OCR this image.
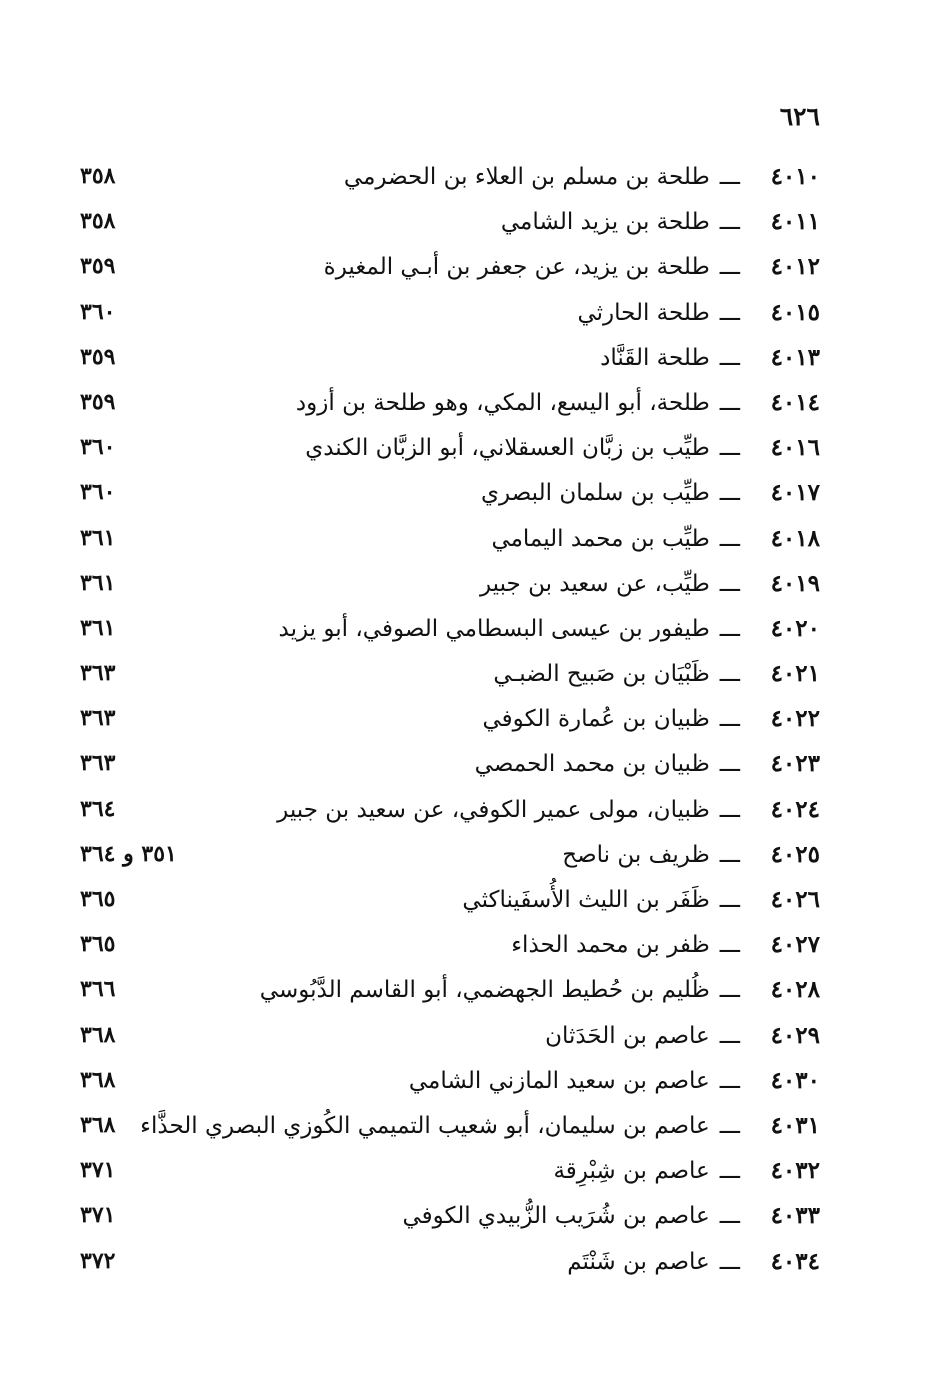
٦٢٦
٤٠١٠ـــطلحة بن مسلم بن العلاء بن الحضرمي
٣٥٨
٤٠١١ـــطلحة بن يزيد الشامي
٣٥٨
٤٠١٢ـــطلحة بن يزيد، عن جعفر بن أبـي المغيرة
٣٥٩
٤٠١٥ـــطلحة الحارثي
٣٦٠
٤٠١٣ـــطلحة القَنَّاد
٣٥٩
٤٠١٤ـــطلحة، أبو اليسع، المكي، وهو طلحة بن أزود
٣٥٩
٤٠١٦ـــطيِّب بن زبَّان العسقلاني، أبو الزبَّان الكندي
٣٦٠
٤٠١٧ـــطيِّب بن سلمان البصري
٣٦٠
٤٠١٨ـــطيِّب بن محمد اليمامي
٣٦١
٤٠١٩ـــطيِّب، عن سعيد بن جبير
٣٦١
٤٠٢٠ـــطيفور بن عيسى البسطامي الصوفي، أبو يزيد
٣٦١
٤٠٢١ـــظَبْيَان بن صَبيح الضبـي
٣٦٣
٤٠٢٢ـــظبيان بن عُمارة الكوفي
٣٦٣
٤٠٢٣ـــظبيان بن محمد الحمصي
٣٦٣
٤٠٢٤ـــظبيان، مولى عمير الكوفي، عن سعيد بن جبير
٣٦٤
٤٠٢٥ـــظريف بن ناصح
٣٥١ و ٣٦٤
٤٠٢٦ـــظَفَر بن الليث الأُسفَيناكثي
٣٦٥
٤٠٢٧ـــظفر بن محمد الحذاء
٣٦٥
٤٠٢٨ـــظُليم بن حُطيط الجهضمي، أبو القاسم الدَّبُوسي
٣٦٦
٤٠٢٩ـــعاصم بن الحَدَثان
٣٦٨
٤٠٣٠ـــعاصم بن سعيد المازني الشامي
٣٦٨
٤٠٣١ـــعاصم بن سليمان، أبو شعيب التميمي الكُوزي البصري الحذَّاء
٣٦٨
٤٠٣٢ـــعاصم بن شِبْرِقة
٣٧١
٤٠٣٣ـــعاصم بن شُرَيب الزُّبيدي الكوفي
٣٧١
٤٠٣٤ـــعاصم بن شَنْتَم
٣٧٢
